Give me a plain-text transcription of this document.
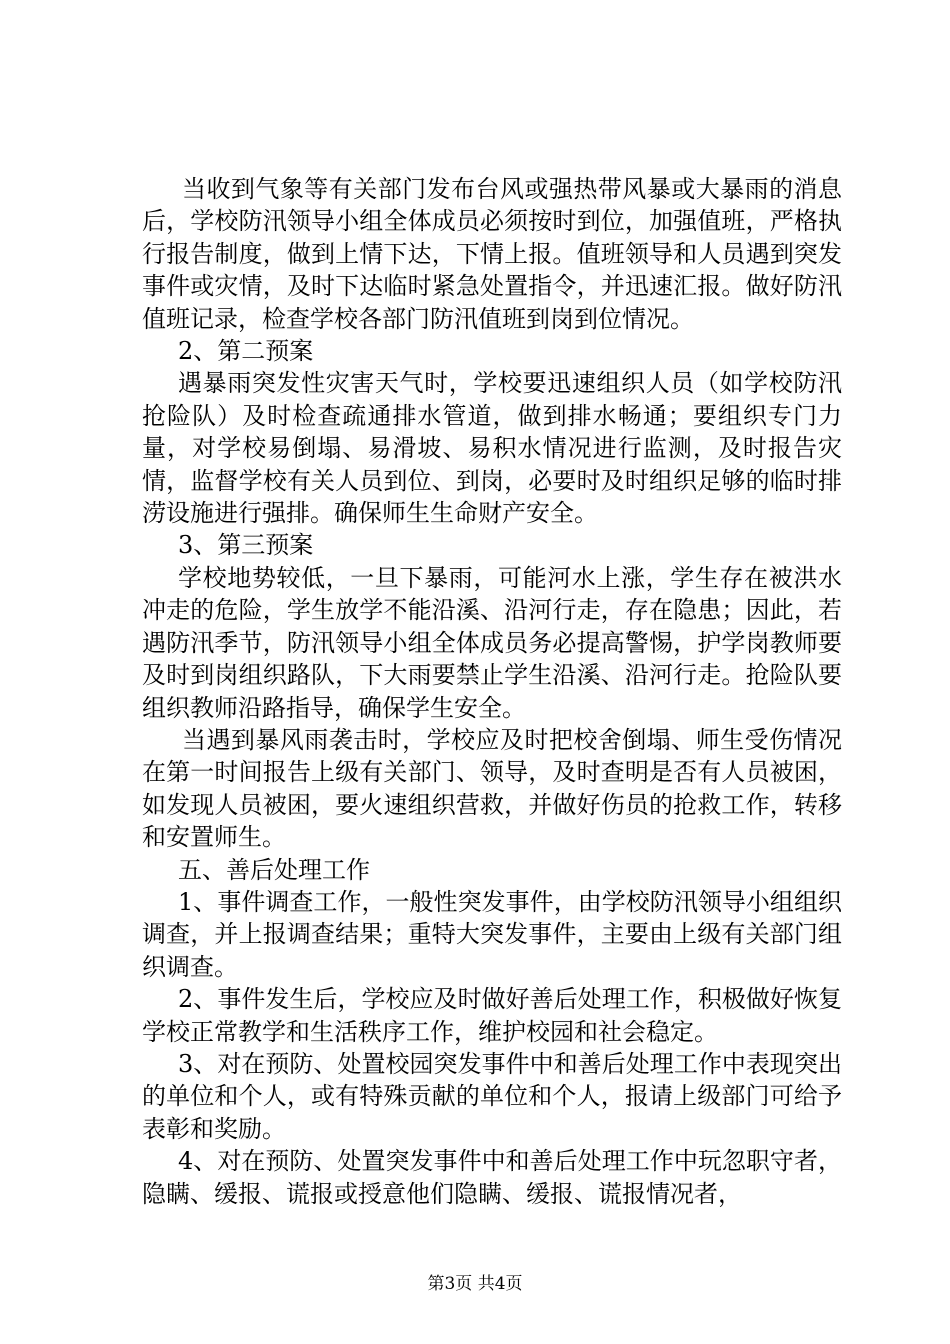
当收到气象等有关部门发布台风或强热带风暴或大暴雨的消息后，学校防汛领导小组全体成员必须按时到位，加强值班，严格执行报告制度，做到上情下达，下情上报。值班领导和人员遇到突发事件或灾情，及时下达临时紧急处置指令，并迅速汇报。做好防汛值班记录，检查学校各部门防汛值班到岗到位情况。

2、第二预案

遇暴雨突发性灾害天气时，学校要迅速组织人员（如学校防汛抢险队）及时检查疏通排水管道，做到排水畅通；要组织专门力量，对学校易倒塌、易滑坡、易积水情况进行监测，及时报告灾情，监督学校有关人员到位、到岗，必要时及时组织足够的临时排涝设施进行强排。确保师生生命财产安全。

3、第三预案

学校地势较低，一旦下暴雨，可能河水上涨，学生存在被洪水冲走的危险，学生放学不能沿溪、沿河行走，存在隐患；因此，若遇防汛季节，防汛领导小组全体成员务必提高警惕，护学岗教师要及时到岗组织路队，下大雨要禁止学生沿溪、沿河行走。抢险队要组织教师沿路指导，确保学生安全。

当遇到暴风雨袭击时，学校应及时把校舍倒塌、师生受伤情况在第一时间报告上级有关部门、领导，及时查明是否有人员被困，如发现人员被困，要火速组织营救，并做好伤员的抢救工作，转移和安置师生。

五、善后处理工作

1、事件调查工作，一般性突发事件，由学校防汛领导小组组织调查，并上报调查结果；重特大突发事件，主要由上级有关部门组织调查。

2、事件发生后，学校应及时做好善后处理工作，积极做好恢复学校正常教学和生活秩序工作，维护校园和社会稳定。

3、对在预防、处置校园突发事件中和善后处理工作中表现突出的单位和个人，或有特殊贡献的单位和个人，报请上级部门可给予表彰和奖励。

4、对在预防、处置突发事件中和善后处理工作中玩忽职守者，隐瞒、缓报、谎报或授意他们隐瞒、缓报、谎报情况者，

第3页 共4页
